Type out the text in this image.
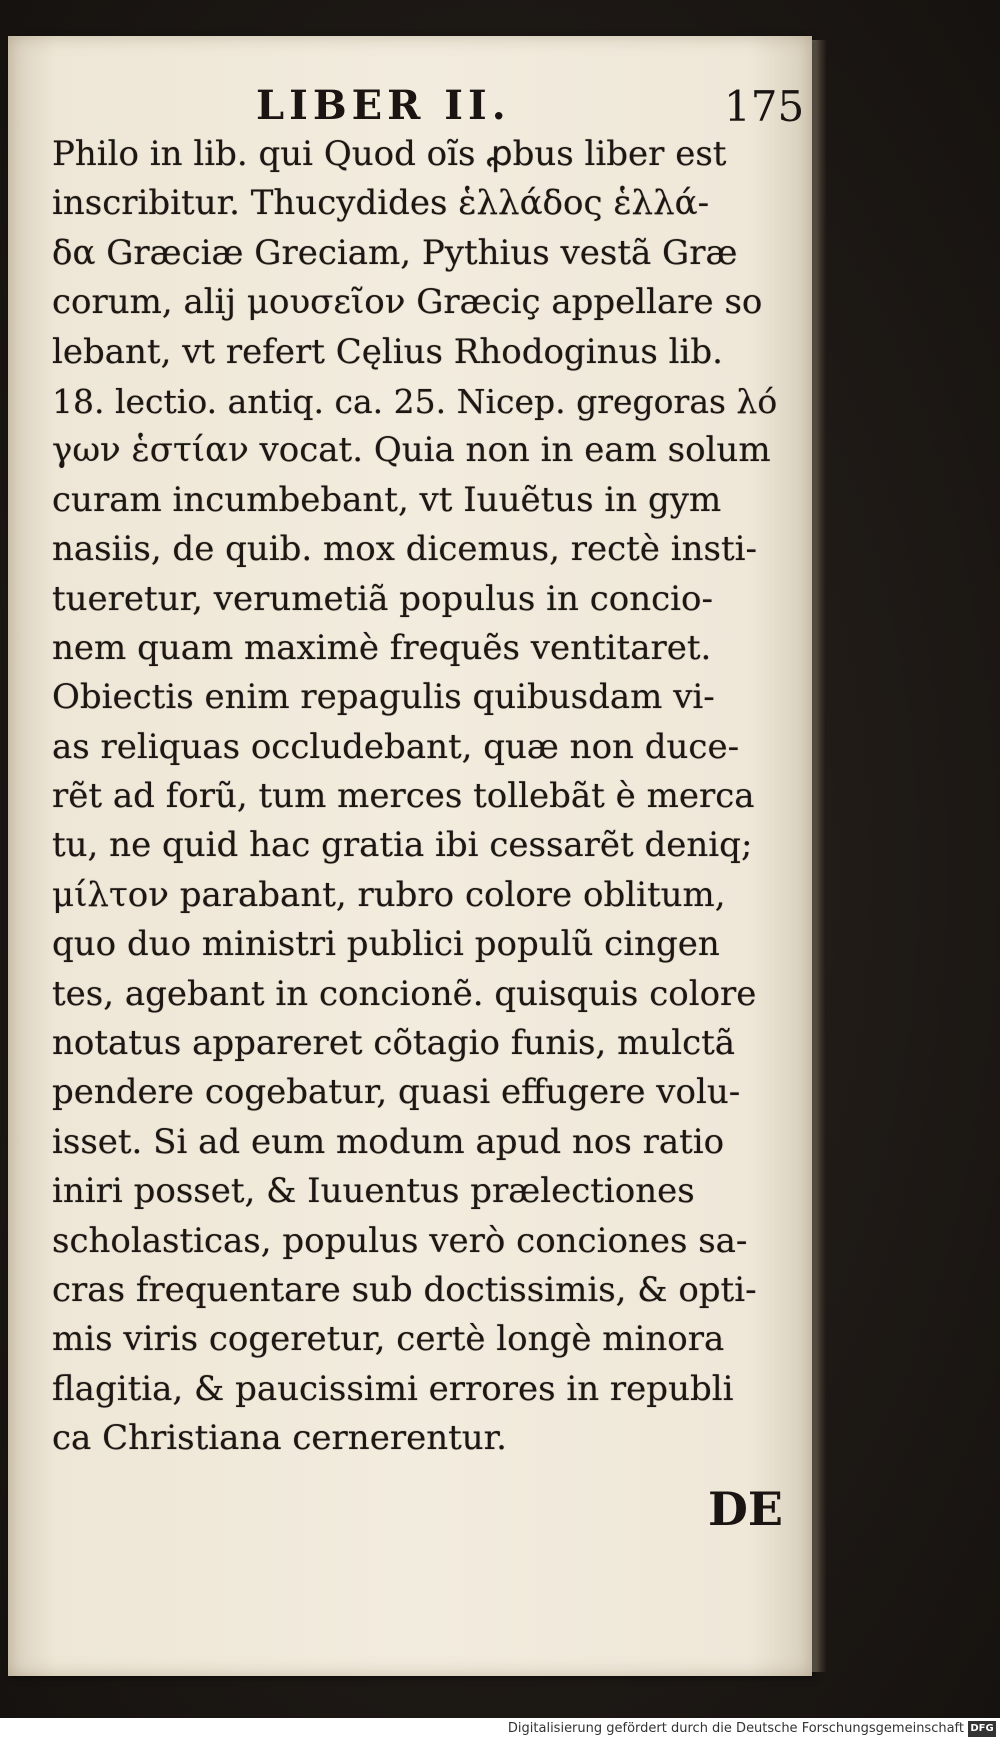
LIBER II.	175
Philo in lib. qui Quod oı̃s ꝓbus liber est
inscribitur. Thucydides ἑλλάδος ἑλλά-
δα Græciæ Greciam, Pythius vestã Græ
corum, alij μουσεῖον Græciç appellare so
lebant, vt refert Cęlius Rhodoginus lib.
18. lectio. antiq. ca. 25. Nicep. gregoras λό
γων ἑστίαν vocat. Quia non in eam solum
curam incumbebant, vt Iuuẽtus in gym
nasiis, de quib. mox dicemus, rectè insti-
tueretur, verumetiã populus in concio-
nem quam maximè frequẽs ventitaret.
Obiectis enim repagulis quibusdam vi-
as reliquas occludebant, quæ non duce-
rẽt ad forũ, tum merces tollebãt è merca
tu, ne quid hac gratia ibi cessarẽt deniq;
μίλτον parabant, rubro colore oblitum,
quo duo ministri publici populũ cingen
tes, agebant in concionẽ. quisquis colore
notatus appareret cõtagio funis, mulctã
pendere cogebatur, quasi effugere volu-
isset. Si ad eum modum apud nos ratio
iniri posset, & Iuuentus prælectiones
scholasticas, populus verò conciones sa-
cras frequentare sub doctissimis, & opti-
mis viris cogeretur, certè longè minora
flagitia, & paucissimi errores in republi
ca Christiana cernerentur.
DE
Digitalisierung gefördert durch die Deutsche Forschungsgemeinschaft DFG
